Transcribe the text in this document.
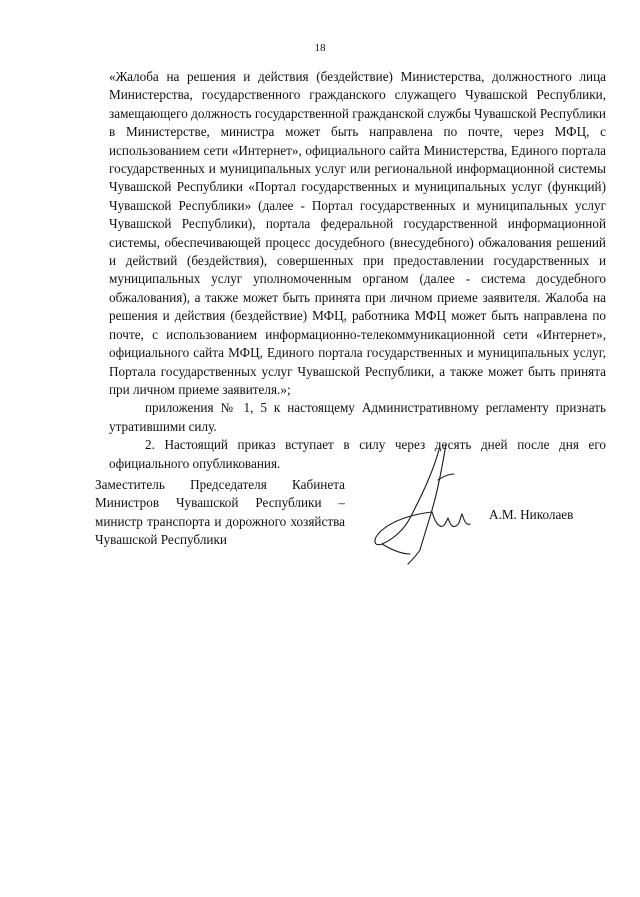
18

«Жалоба на решения и действия (бездействие) Министерства, должностного лица Министерства, государственного гражданского служащего Чувашской Республики, замещающего должность государственной гражданской службы Чувашской Республики в Министерстве, министра может быть направлена по почте, через МФЦ, с использованием сети «Интернет», официального сайта Министерства, Единого портала государственных и муниципальных услуг или региональной информационной системы Чувашской Республики «Портал государственных и муниципальных услуг (функций) Чувашской Республики» (далее - Портал государственных и муниципальных услуг Чувашской Республики), портала федеральной государственной информационной системы, обеспечивающей процесс досудебного (внесудебного) обжалования решений и действий (бездействия), совершенных при предоставлении государственных и муниципальных услуг уполномоченным органом (далее - система досудебного обжалования), а также может быть принята при личном приеме заявителя. Жалоба на решения и действия (бездействие) МФЦ, работника МФЦ может быть направлена по почте, с использованием информационно-телекоммуникационной сети «Интернет», официального сайта МФЦ, Единого портала государственных и муниципальных услуг, Портала государственных услуг Чувашской Республики, а также может быть принята при личном приеме заявителя.»;

приложения № 1, 5 к настоящему Административному регламенту признать утратившими силу.

2. Настоящий приказ вступает в силу через десять дней после дня его официального опубликования.

Заместитель Председателя Кабинета Министров Чувашской Республики – министр транспорта и дорожного хозяйства Чувашской Республики

А.М. Николаев
